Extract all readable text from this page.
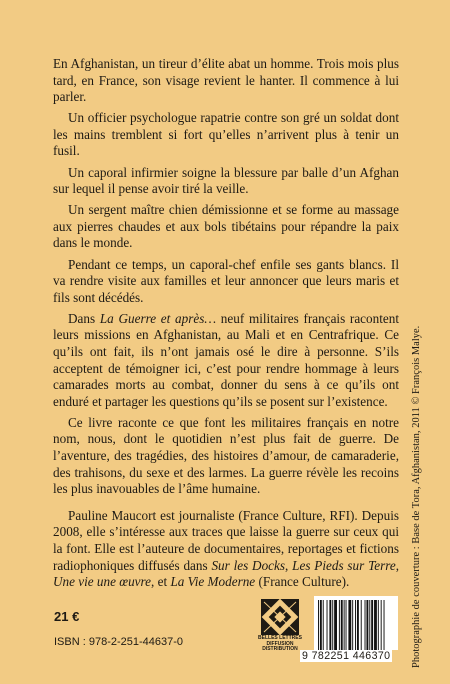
En Afghanistan, un tireur d’élite abat un homme. Trois mois plus tard, en France, son visage revient le hanter. Il commence à lui parler.

Un officier psychologue rapatrie contre son gré un soldat dont les mains tremblent si fort qu’elles n’arrivent plus à tenir un fusil.

Un caporal infirmier soigne la blessure par balle d’un Afghan sur lequel il pense avoir tiré la veille.

Un sergent maître chien démissionne et se forme au massage aux pierres chaudes et aux bols tibétains pour répandre la paix dans le monde.

Pendant ce temps, un caporal-chef enfile ses gants blancs. Il va rendre visite aux familles et leur annoncer que leurs maris et fils sont décédés.

Dans La Guerre et après… neuf militaires français racontent leurs missions en Afghanistan, au Mali et en Centrafrique. Ce qu’ils ont fait, ils n’ont jamais osé le dire à personne. S’ils acceptent de témoigner ici, c’est pour rendre hommage à leurs camarades morts au combat, donner du sens à ce qu’ils ont enduré et partager les questions qu’ils se posent sur l’existence.

Ce livre raconte ce que font les militaires français en notre nom, nous, dont le quotidien n’est plus fait de guerre. De l’aventure, des tragédies, des histoires d’amour, de camaraderie, des trahisons, du sexe et des larmes. La guerre révèle les recoins les plus inavouables de l’âme humaine.

Pauline Maucort est journaliste (France Culture, RFI). Depuis 2008, elle s’intéresse aux traces que laisse la guerre sur ceux qui la font. Elle est l’auteure de documentaires, reportages et fictions radiophoniques diffusés dans Sur les Docks, Les Pieds sur Terre, Une vie une œuvre, et La Vie Moderne (France Culture).

21 €
ISBN : 978-2-251-44637-0	BELLES LETTRES
DIFFUSION
DISTRIBUTION
9 782251 446370	Photographie de couverture : Base de Tora, Afghanistan, 2011 © François Malye.
